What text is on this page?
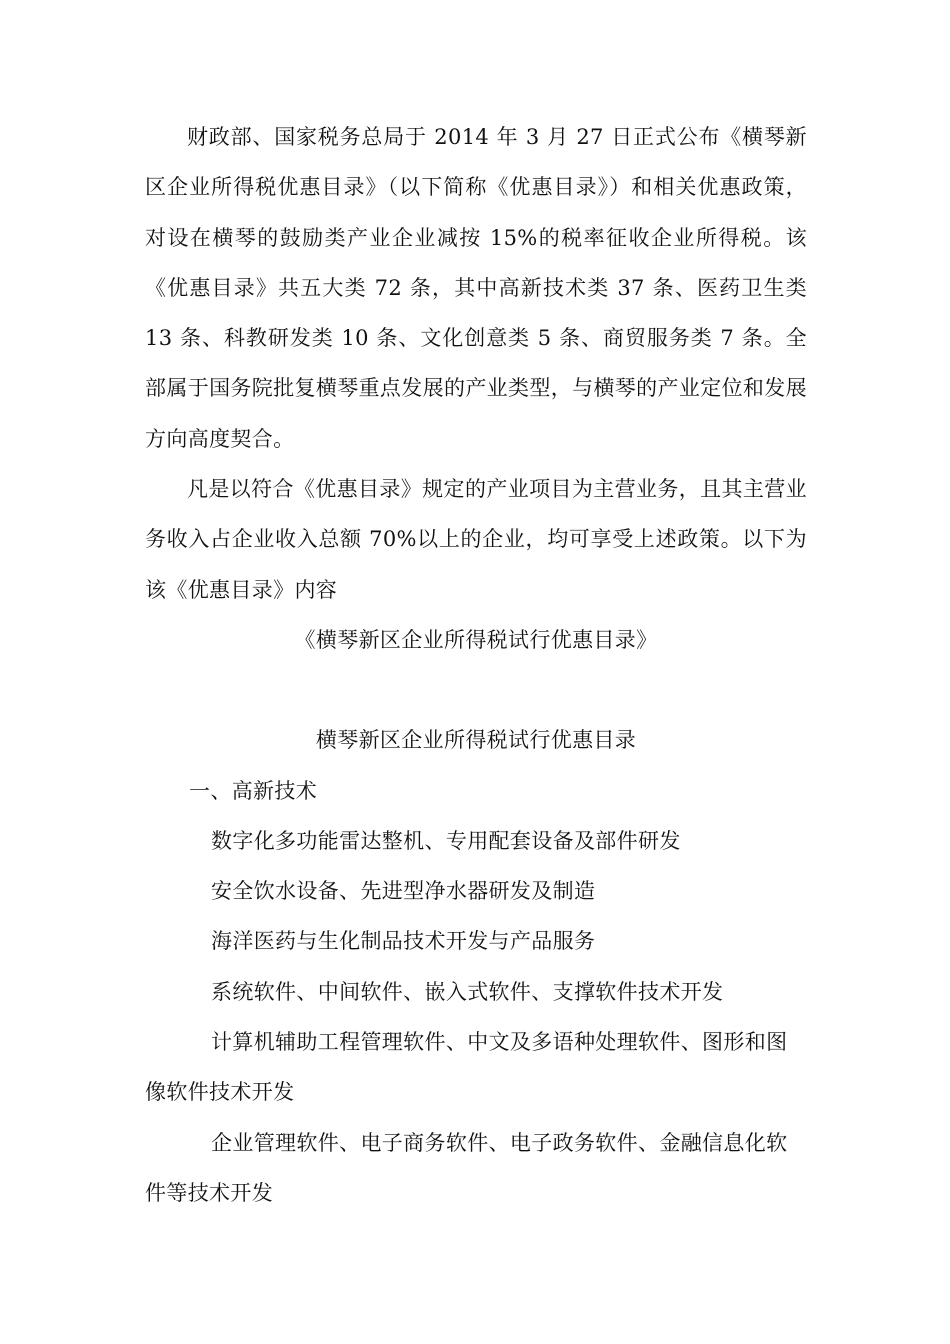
财政部、国家税务总局于 2014 年 3 月 27 日正式公布《横琴新区企业所得税优惠目录》（以下简称《优惠目录》）和相关优惠政策，对设在横琴的鼓励类产业企业减按 15%的税率征收企业所得税。该《优惠目录》共五大类 72 条，其中高新技术类 37 条、医药卫生类 13 条、科教研发类 10 条、文化创意类 5 条、商贸服务类 7 条。全部属于国务院批复横琴重点发展的产业类型，与横琴的产业定位和发展方向高度契合。

凡是以符合《优惠目录》规定的产业项目为主营业务，且其主营业务收入占企业收入总额 70%以上的企业，均可享受上述政策。以下为该《优惠目录》内容

《横琴新区企业所得税试行优惠目录》

横琴新区企业所得税试行优惠目录

一、高新技术

数字化多功能雷达整机、专用配套设备及部件研发

安全饮水设备、先进型净水器研发及制造

海洋医药与生化制品技术开发与产品服务

系统软件、中间软件、嵌入式软件、支撑软件技术开发

计算机辅助工程管理软件、中文及多语种处理软件、图形和图像软件技术开发

企业管理软件、电子商务软件、电子政务软件、金融信息化软件等技术开发
